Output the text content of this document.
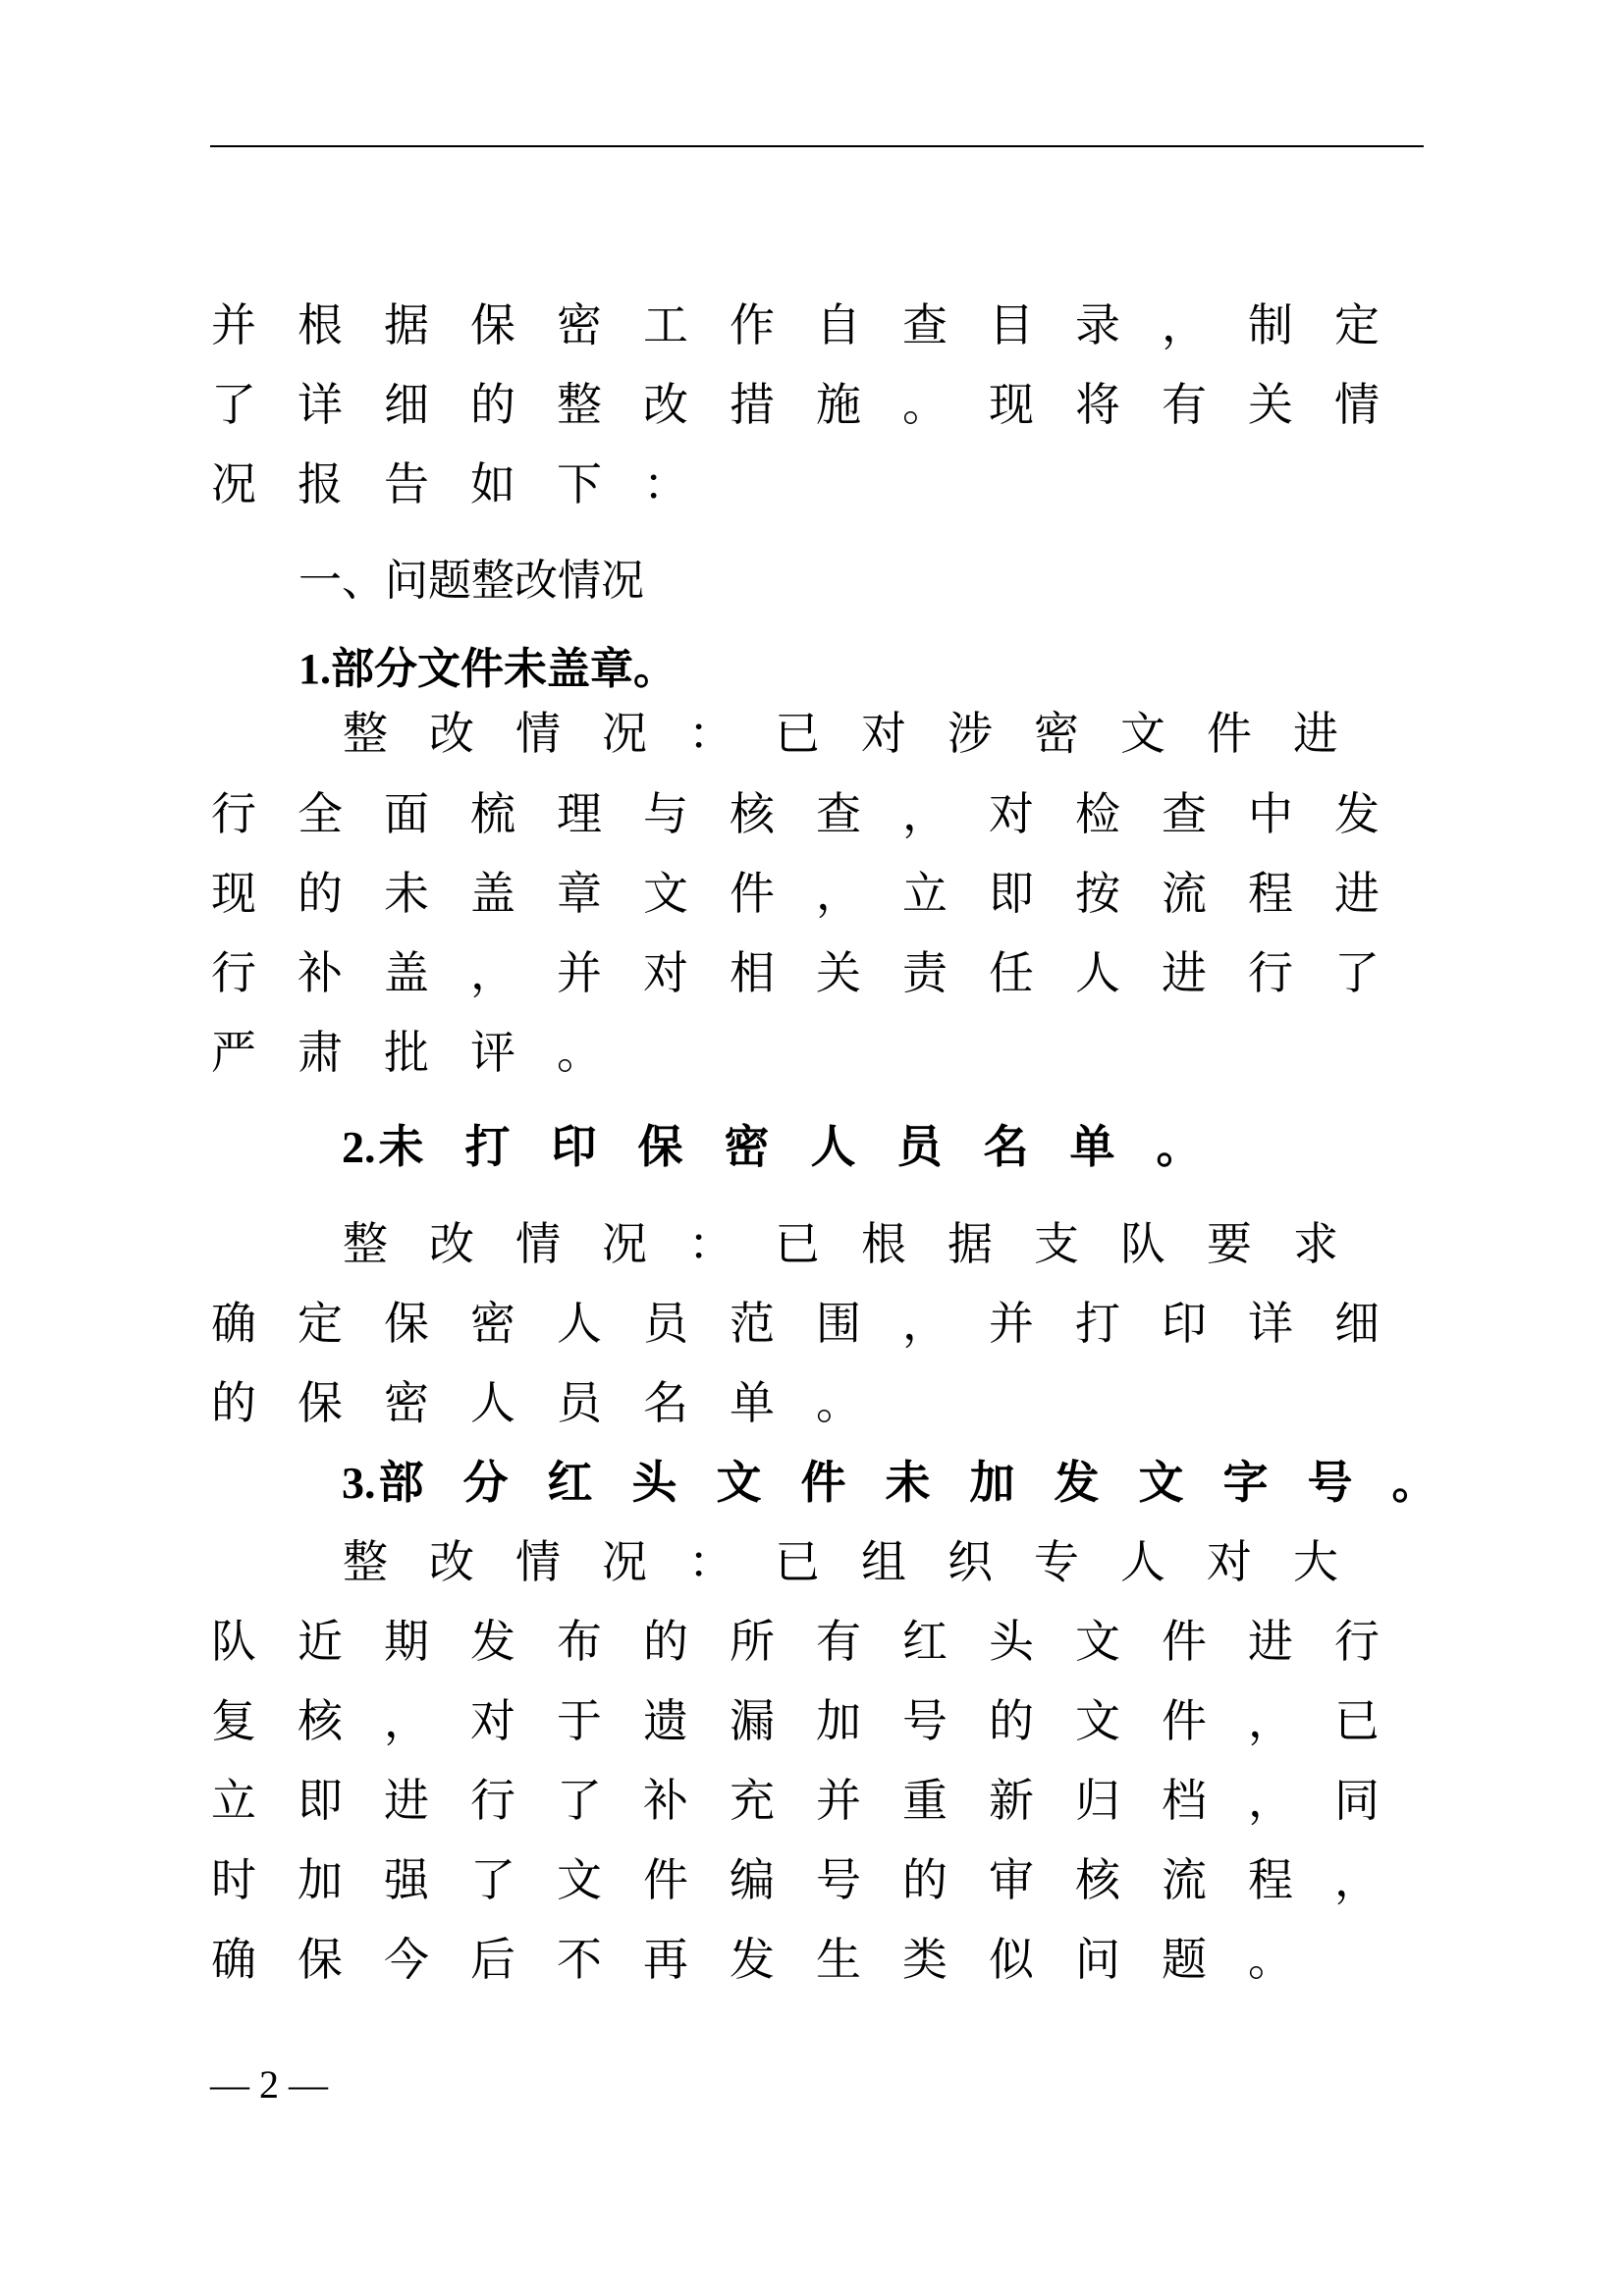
并 根 据 保 密 工 作 自 查 目 录 ， 制 定
了 详 细 的 整 改 措 施 。 现 将 有 关 情
况 报 告 如 下 ：
一、问题整改情况
1.部分文件未盖章。
整 改 情 况 ： 已 对 涉 密 文 件 进
行 全 面 梳 理 与 核 查 ， 对 检 查 中 发
现 的 未 盖 章 文 件 ， 立 即 按 流 程 进
行 补 盖 ， 并 对 相 关 责 任 人 进 行 了
严 肃 批 评 。
2.未 打 印 保 密 人 员 名 单 。
整 改 情 况 ： 已 根 据 支 队 要 求
确 定 保 密 人 员 范 围 ， 并 打 印 详 细
的 保 密 人 员 名 单 。
3.部 分 红 头 文 件 未 加 发 文 字 号 。
整 改 情 况 ： 已 组 织 专 人 对 大
队 近 期 发 布 的 所 有 红 头 文 件 进 行
复 核 ， 对 于 遗 漏 加 号 的 文 件 ， 已
立 即 进 行 了 补 充 并 重 新 归 档 ， 同
时 加 强 了 文 件 编 号 的 审 核 流 程 ，
确 保 今 后 不 再 发 生 类 似 问 题 。
— 2 —
